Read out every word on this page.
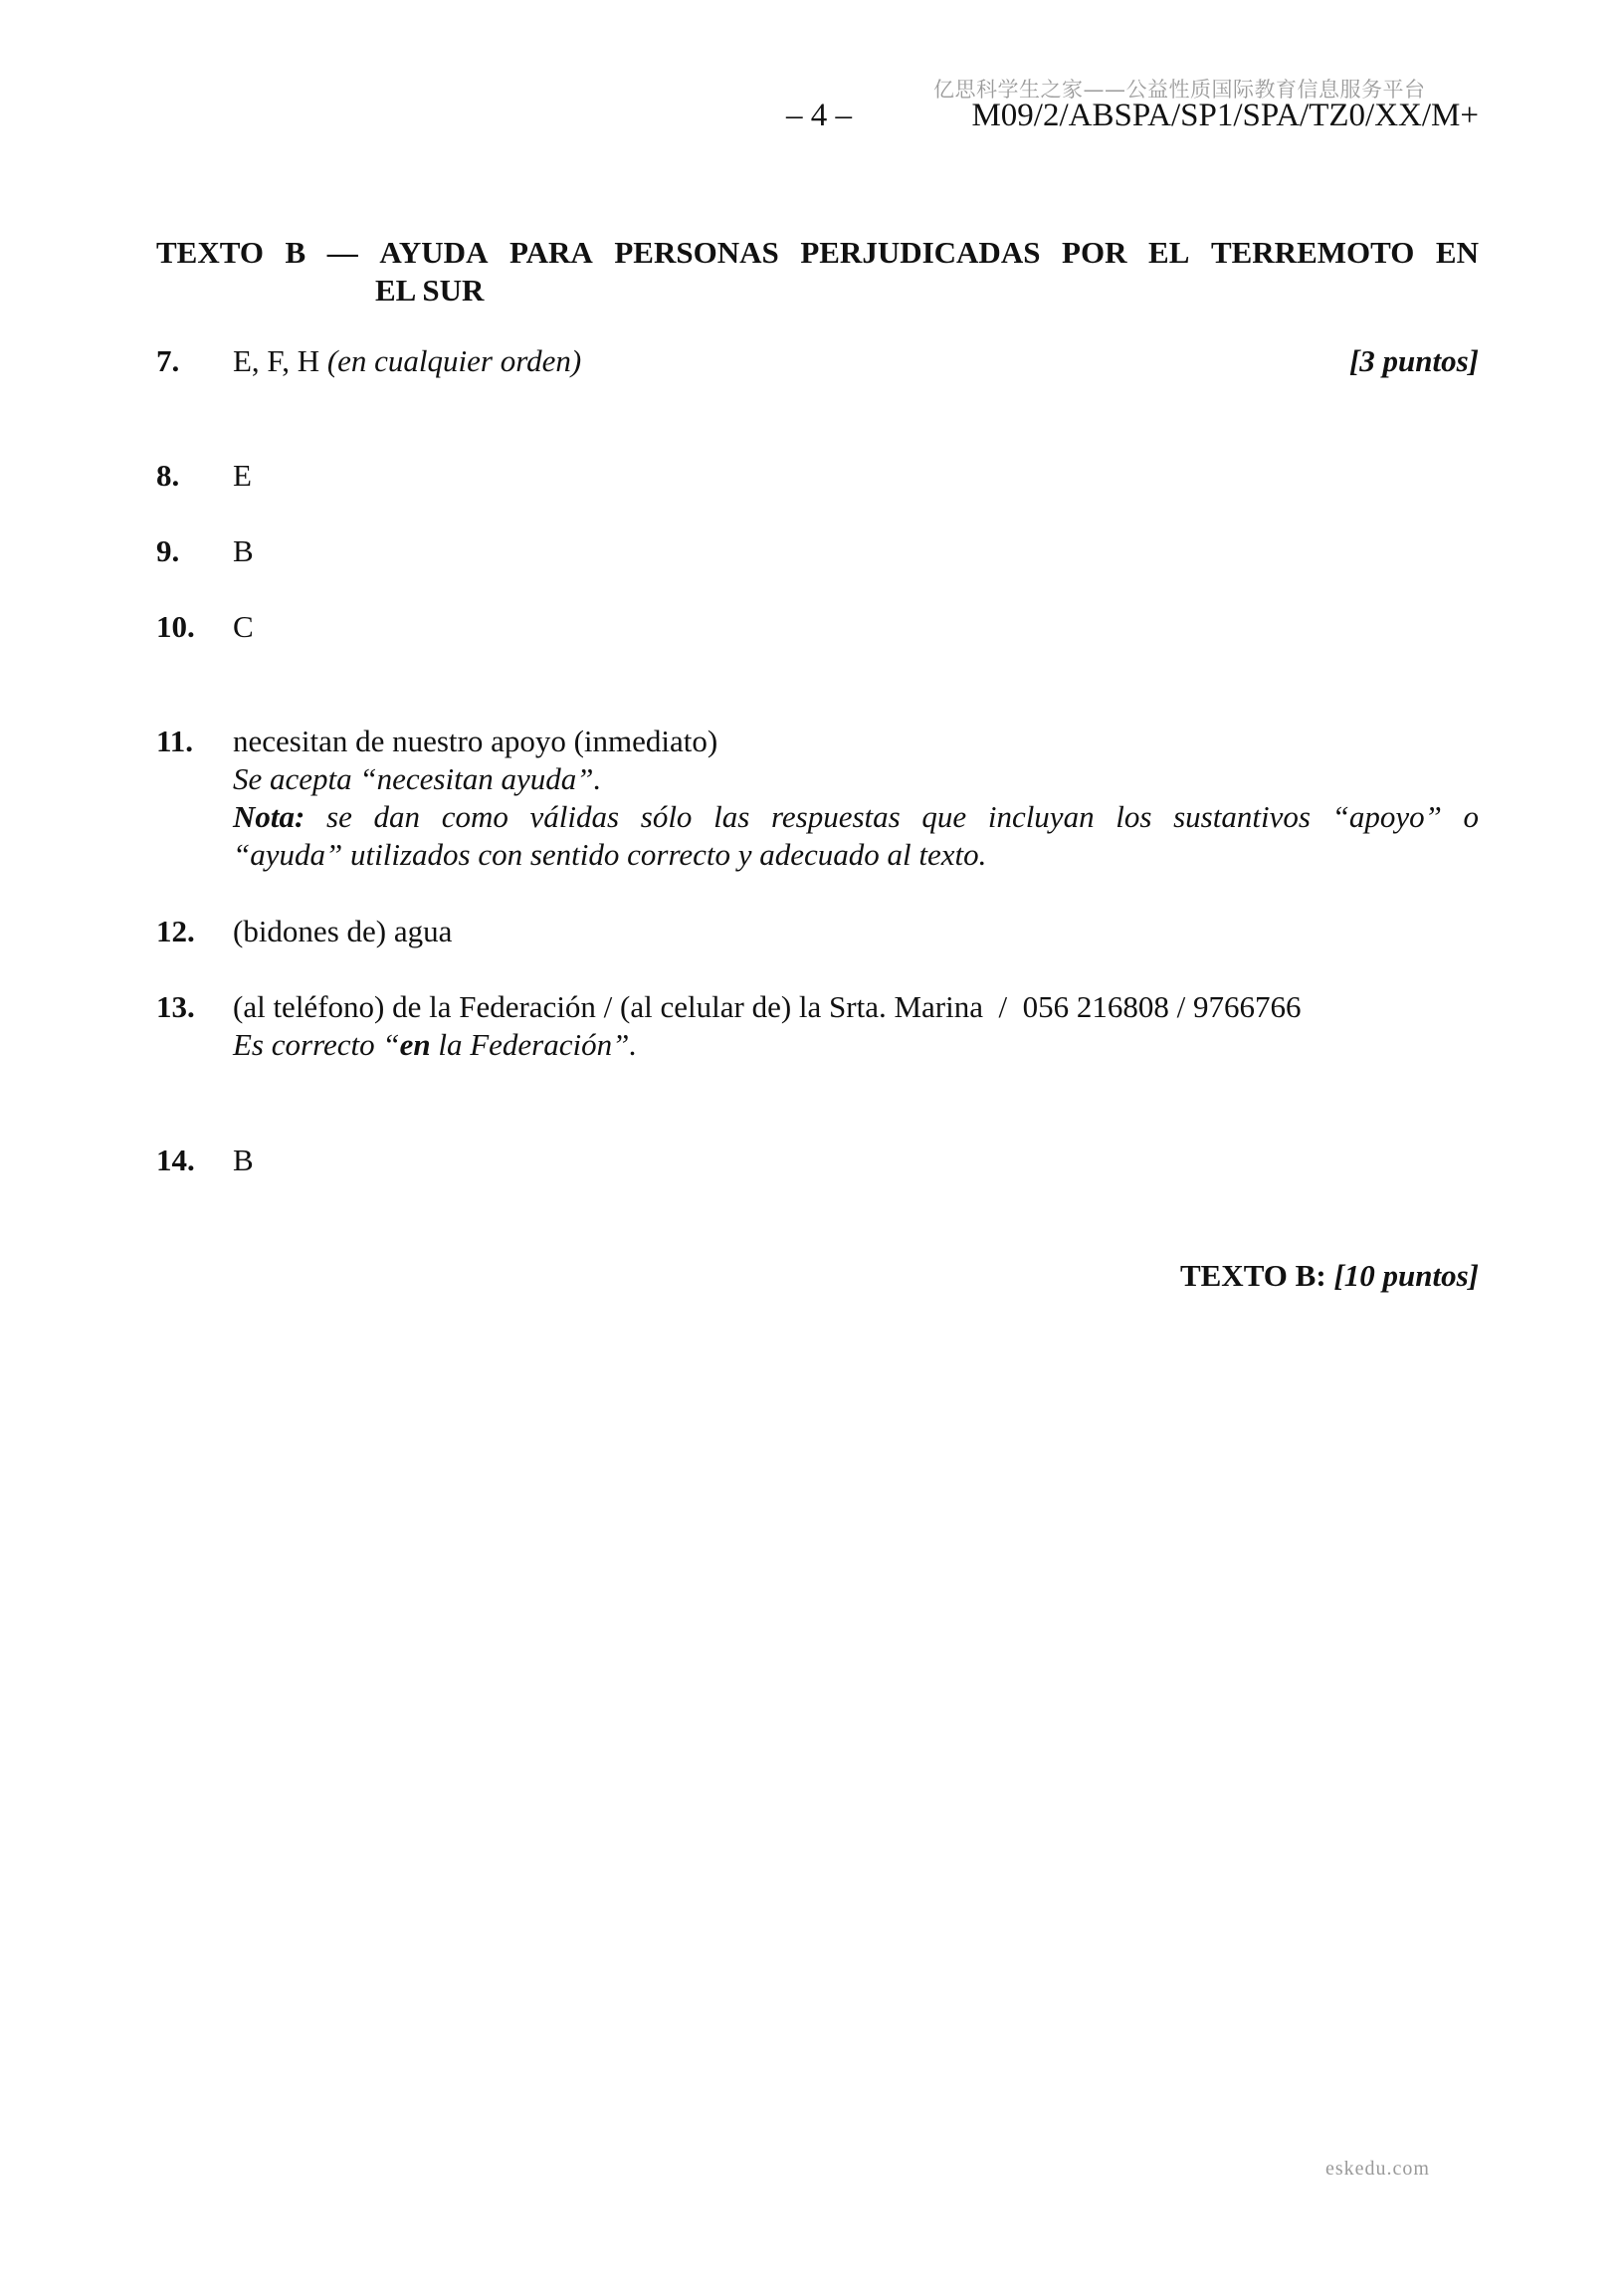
亿思科学生之家——公益性质国际教育信息服务平台
– 4 –	M09/2/ABSPA/SP1/SPA/TZ0/XX/M+
TEXTO B — AYUDA PARA PERSONAS PERJUDICADAS POR EL TERREMOTO EN
EL SUR
7. E, F, H (en cualquier orden)	[3 puntos]
8. E
9. B
10. C
11. necesitan de nuestro apoyo (inmediato)
Se acepta “necesitan ayuda”.
Nota: se dan como válidas sólo las respuestas que incluyan los sustantivos “apoyo” o
“ayuda” utilizados con sentido correcto y adecuado al texto.
12. (bidones de) agua
13. (al teléfono) de la Federación / (al celular de) la Srta. Marina  /  056 216808 / 9766766
Es correcto “en la Federación”.
14. B
TEXTO B: [10 puntos]
eskedu.com
